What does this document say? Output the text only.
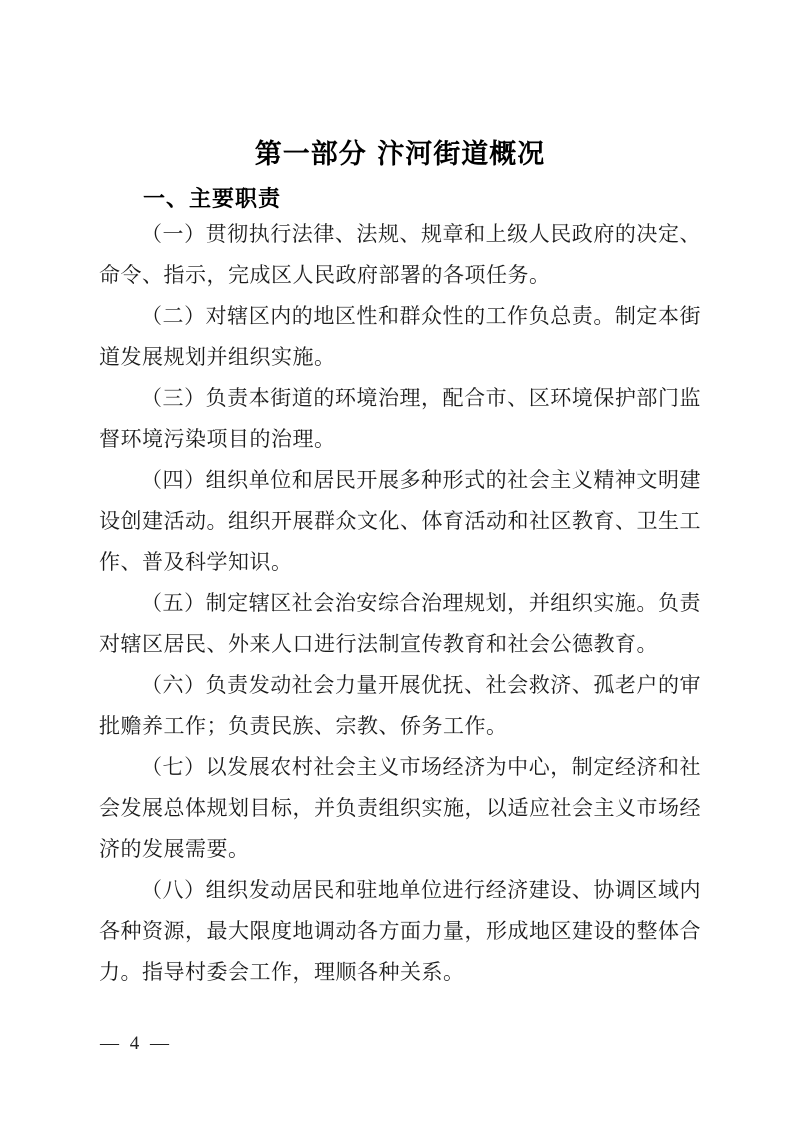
第一部分 汴河街道概况
一、主要职责

（一）贯彻执行法律、法规、规章和上级人民政府的决定、命令、指示，完成区人民政府部署的各项任务。

（二）对辖区内的地区性和群众性的工作负总责。制定本街道发展规划并组织实施。

（三）负责本街道的环境治理，配合市、区环境保护部门监督环境污染项目的治理。

（四）组织单位和居民开展多种形式的社会主义精神文明建设创建活动。组织开展群众文化、体育活动和社区教育、卫生工作、普及科学知识。

（五）制定辖区社会治安综合治理规划，并组织实施。负责对辖区居民、外来人口进行法制宣传教育和社会公德教育。

（六）负责发动社会力量开展优抚、社会救济、孤老户的审批赡养工作；负责民族、宗教、侨务工作。

（七）以发展农村社会主义市场经济为中心，制定经济和社会发展总体规划目标，并负责组织实施，以适应社会主义市场经济的发展需要。

（八）组织发动居民和驻地单位进行经济建设、协调区域内各种资源，最大限度地调动各方面力量，形成地区建设的整体合力。指导村委会工作，理顺各种关系。

— 4 —
